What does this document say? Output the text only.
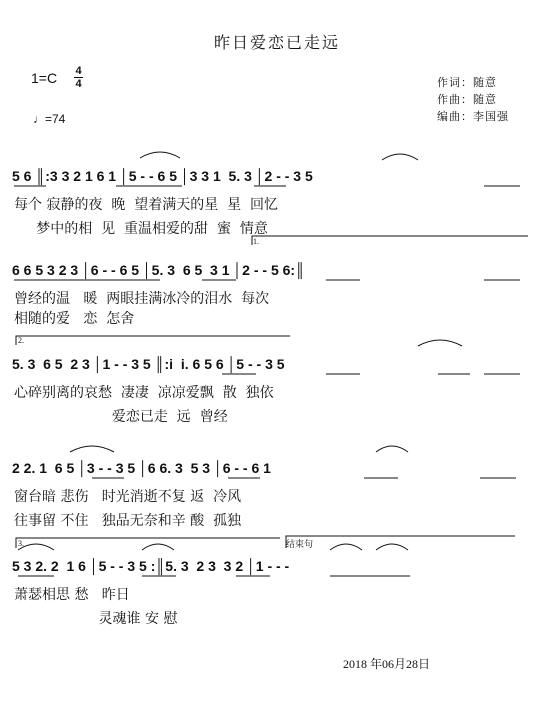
昨日爱恋已走远
1=C 4
4
♩=74
作词：随意
作曲：随意
编曲：李国强
5 6 ║:3 3 2 1 6 1 │5 - - 6 5 │3 3 1  5. 3 │2 - - 3 5
每个 寂静的夜  晚  望着满天的星  星  回忆
梦中的相  见  重温相爱的甜  蜜  情意
6 6 5 3 2 3 │6 - - 6 5 │5. 3  6 5  3 1 │2 - - 5 6:║
曾经的温   暖  两眼挂满冰冷的泪水  每次
相随的爱   恋  怎舍
5. 3  6 5  2 3 │1 - - 3 5 ║:i  i. 6 5 6 │5 - - 3 5
心碎别离的哀愁  凄凄  凉凉爱飘  散  独依
爱恋已走  远  曾经
2 2. 1  6 5 │3 - - 3 5 │6 6. 3  5 3 │6 - - 6 1
窗台暗 悲伤   时光消逝不复 返  冷风
往事留 不住   独品无奈和辛 酸  孤独
5 3 2. 2  1 6 │5 - - 3 5 :║5. 3  2 3  3 2 │1 - - -
萧瑟相思 愁   昨日
灵魂谁 安 慰
1.
2.
3.	结束句
2018 年06月28日
